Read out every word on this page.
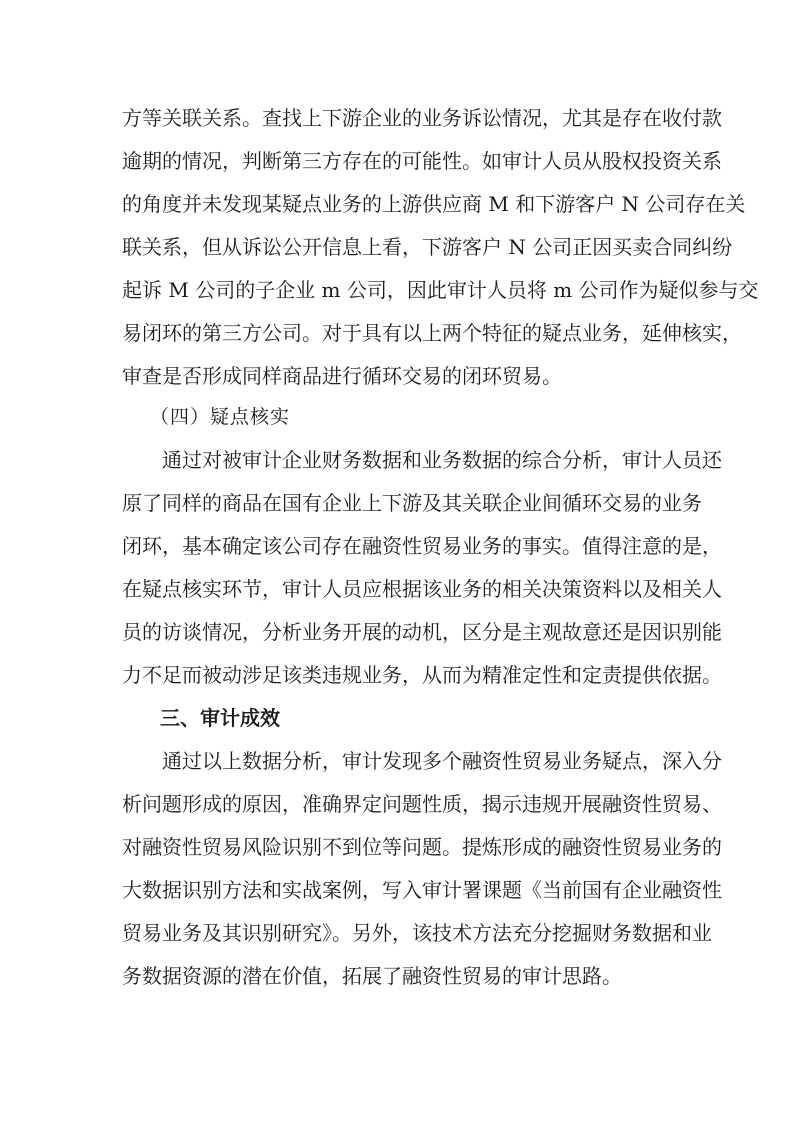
方等关联关系。查找上下游企业的业务诉讼情况，尤其是存在收付款
逾期的情况，判断第三方存在的可能性。如审计人员从股权投资关系
的角度并未发现某疑点业务的上游供应商 M 和下游客户 N 公司存在关
联关系，但从诉讼公开信息上看，下游客户 N 公司正因买卖合同纠纷
起诉 M 公司的子企业 m 公司，因此审计人员将 m 公司作为疑似参与交
易闭环的第三方公司。对于具有以上两个特征的疑点业务，延伸核实，
审查是否形成同样商品进行循环交易的闭环贸易。
（四）疑点核实
通过对被审计企业财务数据和业务数据的综合分析，审计人员还
原了同样的商品在国有企业上下游及其关联企业间循环交易的业务
闭环，基本确定该公司存在融资性贸易业务的事实。值得注意的是，
在疑点核实环节，审计人员应根据该业务的相关决策资料以及相关人
员的访谈情况，分析业务开展的动机，区分是主观故意还是因识别能
力不足而被动涉足该类违规业务，从而为精准定性和定责提供依据。
三、审计成效
通过以上数据分析，审计发现多个融资性贸易业务疑点，深入分
析问题形成的原因，准确界定问题性质，揭示违规开展融资性贸易、
对融资性贸易风险识别不到位等问题。提炼形成的融资性贸易业务的
大数据识别方法和实战案例，写入审计署课题《当前国有企业融资性
贸易业务及其识别研究》。另外，该技术方法充分挖掘财务数据和业
务数据资源的潜在价值，拓展了融资性贸易的审计思路。
